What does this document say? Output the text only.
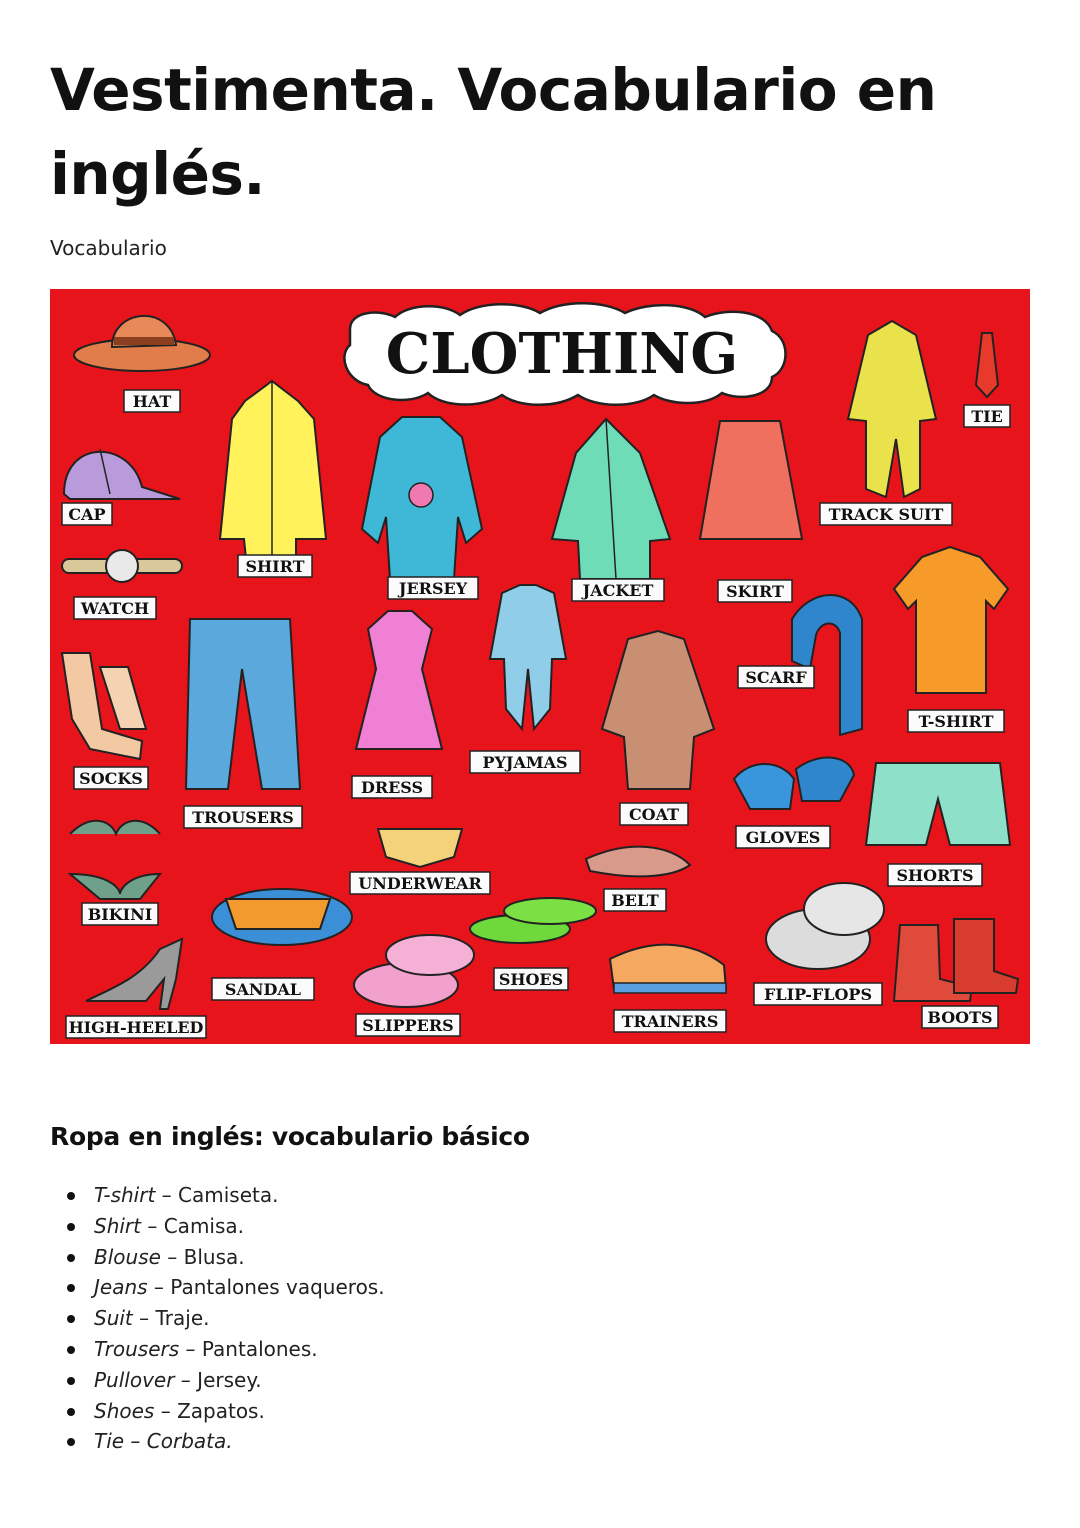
Vestimenta. Vocabulario en inglés.
Vocabulario
CLOTHING
HAT
CAP
WATCH
SOCKS
BIKINI
HIGH-HEELED
SHIRT
TROUSERS
SANDAL
JERSEY
DRESS
UNDERWEAR
SLIPPERS
PYJAMAS
SHOES
JACKET
COAT
BELT
TRAINERS
SKIRT
SCARF
GLOVES
FLIP-FLOPS
TRACK SUIT
TIE
T-SHIRT
SHORTS
BOOTS
Ropa en inglés: vocabulario básico
T-shirt – Camiseta.
Shirt – Camisa.
Blouse – Blusa.
Jeans – Pantalones vaqueros.
Suit – Traje.
Trousers – Pantalones.
Pullover – Jersey.
Shoes – Zapatos.
Tie – Corbata.
